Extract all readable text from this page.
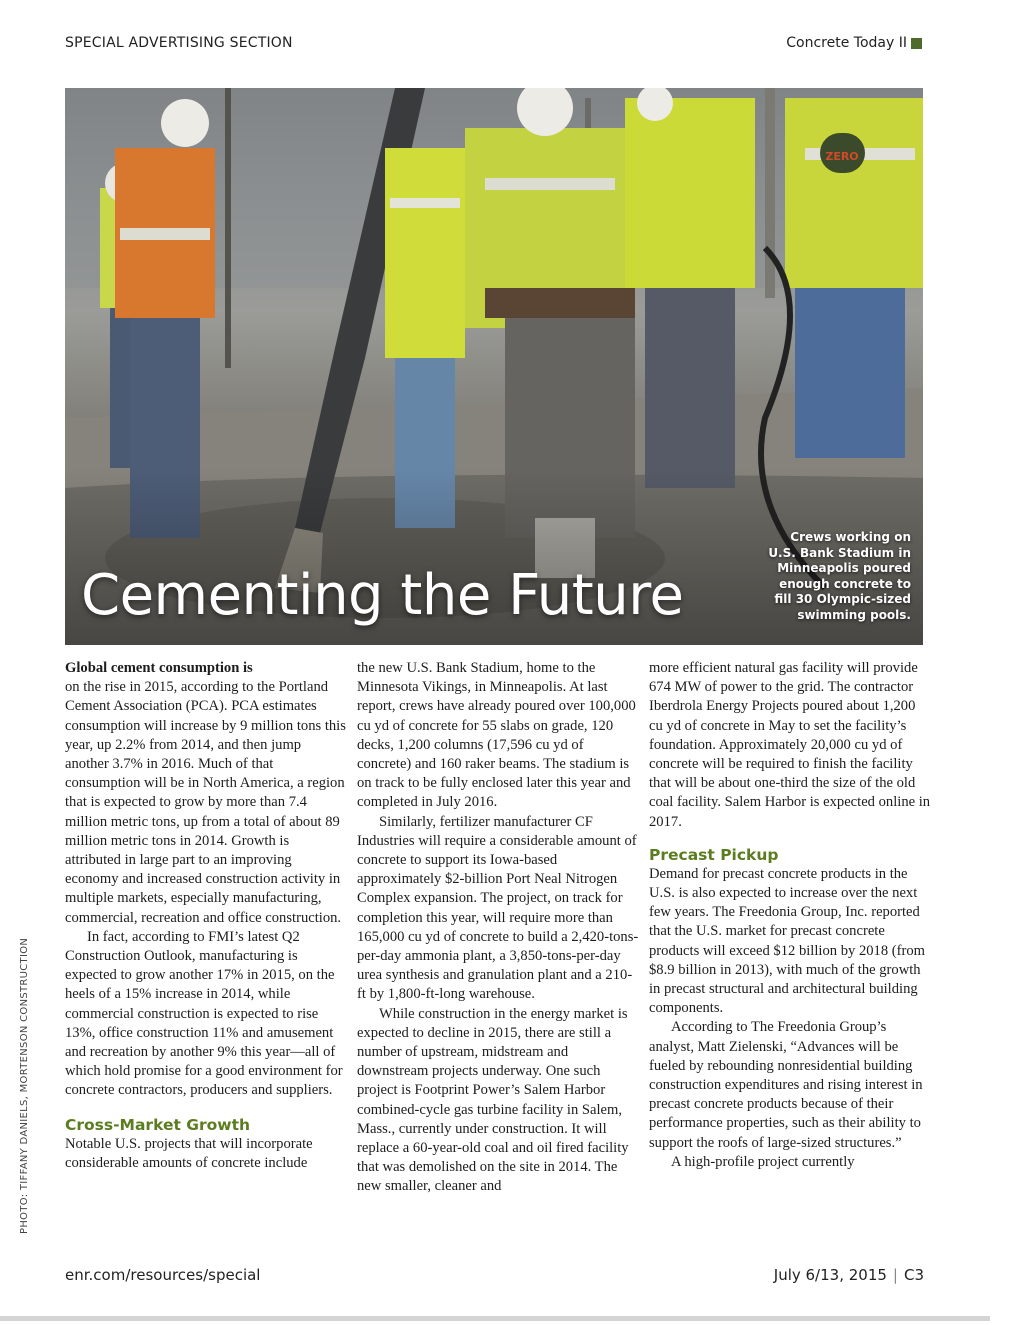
SPECIAL ADVERTISING SECTION	Concrete Today II
ZERO
Cementing the Future
Crews working on U.S. Bank Stadium in Minneapolis poured enough concrete to fill 30 Olympic-sized swimming pools.
PHOTO: TIFFANY DANIELS, MORTENSON CONSTRUCTION

Global cement consumption is
on the rise in 2015, according to the Portland Cement Association (PCA). PCA estimates consumption will increase by 9 million tons this year, up 2.2% from 2014, and then jump another 3.7% in 2016. Much of that consumption will be in North America, a region that is expected to grow by more than 7.4 million metric tons, up from a total of about 89 million metric tons in 2014. Growth is attributed in large part to an improving economy and increased construction activity in multiple markets, especially manufacturing, commercial, recreation and office construction.

In fact, according to FMI’s latest Q2 Construction Outlook, manufacturing is expected to grow another 17% in 2015, on the heels of a 15% increase in 2014, while commercial construction is expected to rise 13%, office construction 11% and amusement and recreation by another 9% this year—all of which hold promise for a good environment for concrete contractors, producers and suppliers.

Cross-Market Growth

Notable U.S. projects that will incorporate considerable amounts of concrete include

the new U.S. Bank Stadium, home to the Minnesota Vikings, in Minneapolis. At last report, crews have already poured over 100,000 cu yd of concrete for 55 slabs on grade, 120 decks, 1,200 columns (17,596 cu yd of concrete) and 160 raker beams. The stadium is on track to be fully enclosed later this year and completed in July 2016.

Similarly, fertilizer manufacturer CF Industries will require a considerable amount of concrete to support its Iowa-based approximately $2-billion Port Neal Nitrogen Complex expansion. The project, on track for completion this year, will require more than 165,000 cu yd of concrete to build a 2,420-tons-per-day ammonia plant, a 3,850-tons-per-day urea synthesis and granulation plant and a 210-ft by 1,800-ft-long warehouse.

While construction in the energy market is expected to decline in 2015, there are still a number of upstream, midstream and downstream projects underway. One such project is Footprint Power’s Salem Harbor combined-cycle gas turbine facility in Salem, Mass., currently under construction. It will replace a 60-year-old coal and oil fired facility that was demolished on the site in 2014. The new smaller, cleaner and

more efficient natural gas facility will provide 674 MW of power to the grid. The contractor Iberdrola Energy Projects poured about 1,200 cu yd of concrete in May to set the facility’s foundation. Approximately 20,000 cu yd of concrete will be required to finish the facility that will be about one-third the size of the old coal facility. Salem Harbor is expected online in 2017.

Precast Pickup

Demand for precast concrete products in the U.S. is also expected to increase over the next few years. The Freedonia Group, Inc. reported that the U.S. market for precast concrete products will exceed $12 billion by 2018 (from $8.9 billion in 2013), with much of the growth in precast structural and architectural building components.

According to The Freedonia Group’s analyst, Matt Zielenski, “Advances will be fueled by rebounding nonresidential building construction expenditures and rising interest in precast concrete products because of their performance properties, such as their ability to support the roofs of large-sized structures.”

A high-profile project currently

enr.com/resources/special	July 6/13, 2015 | C3
